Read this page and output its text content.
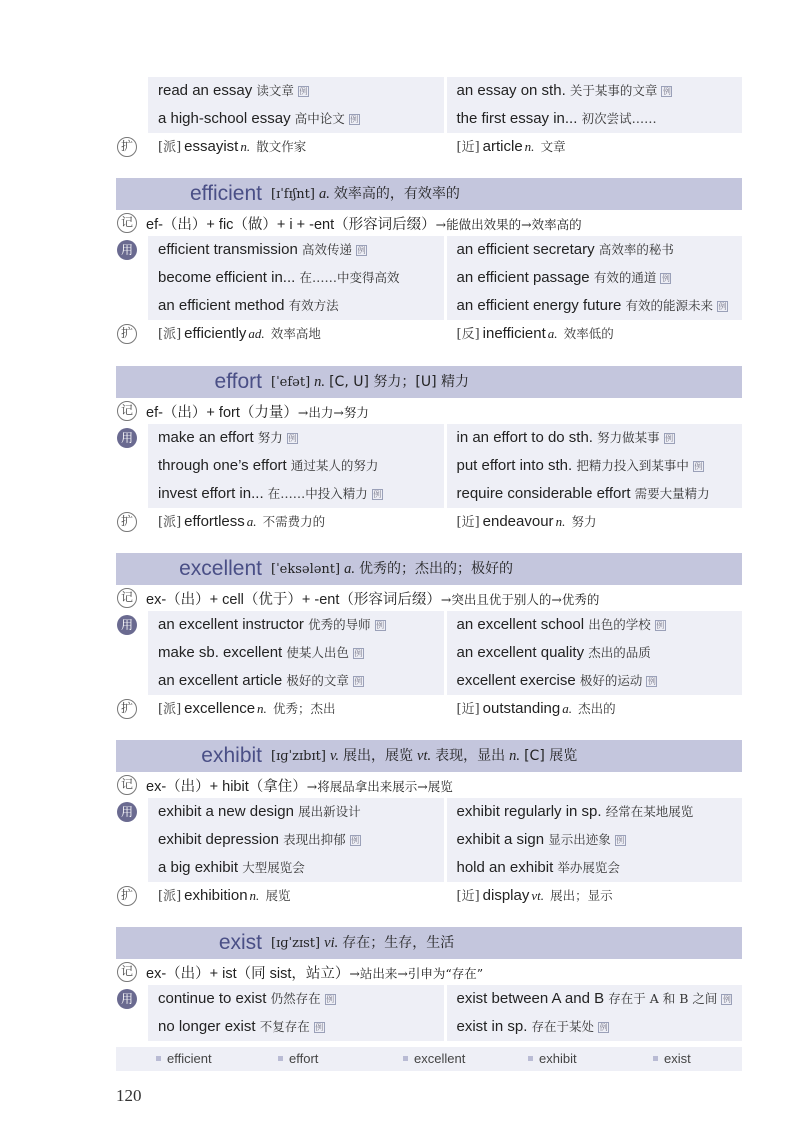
read an essay 读文章 例	an essay on sth. 关于某事的文章例
a high-school essay 高中论文 例	the first essay in... 初次尝试……
[派] essayist n. 散文作家	[近] article n. 文章
扩
efficient [ɪˈfɪʃnt] a. 效率高的，有效率的
ef-（出）+ fic（做）+ i + -ent（形容词后缀）→能做出效果的→效率高的
记
用	efficient transmission 高效传递 例	an efficient secretary 高效率的秘书
become efficient in... 在……中变得高效	an efficient passage 有效的通道例
an efficient method 有效方法	an efficient energy future 有效的能源未来例
[派] efficiently ad. 效率高地	[反] inefficient a. 效率低的
扩
effort [ˈefət] n. [C, U] 努力；[U] 精力
ef-（出）+ fort（力量）→出力→努力
记
用	make an effort 努力 例	in an effort to do sth. 努力做某事例
through one’s effort 通过某人的努力	put effort into sth. 把精力投入到某事中例
invest effort in... 在……中投入精力 例	require considerable effort 需要大量精力
[派] effortless a. 不需费力的	[近] endeavour n. 努力
扩
excellent [ˈeksələnt] a. 优秀的；杰出的；极好的
ex-（出）+ cell（优于）+ -ent（形容词后缀）→突出且优于别人的→优秀的
记
用	an excellent instructor 优秀的导师 例	an excellent school 出色的学校例
make sb. excellent 使某人出色 例	an excellent quality 杰出的品质
an excellent article 极好的文章 例	excellent exercise 极好的运动例
[派] excellence n. 优秀；杰出	[近] outstanding a. 杰出的
扩
exhibit [ɪɡˈzɪbɪt] v. 展出，展览 vt. 表现，显出 n. [C] 展览
ex-（出）+ hibit（拿住）→将展品拿出来展示→展览
记
用	exhibit a new design 展出新设计	exhibit regularly in sp. 经常在某地展览
exhibit depression 表现出抑郁 例	exhibit a sign 显示出迹象例
a big exhibit 大型展览会	hold an exhibit 举办展览会
[派] exhibition n. 展览	[近] display vt. 展出；显示
扩
exist [ɪɡˈzɪst] vi. 存在；生存，生活
ex-（出）+ ist（同 sist，站立）→站出来→引申为“存在”
记
用	continue to exist 仍然存在 例	exist between A and B 存在于 A 和 B 之间例
no longer exist 不复存在 例	exist in sp. 存在于某处例
efficient	effort	excellent	exhibit	exist
120
